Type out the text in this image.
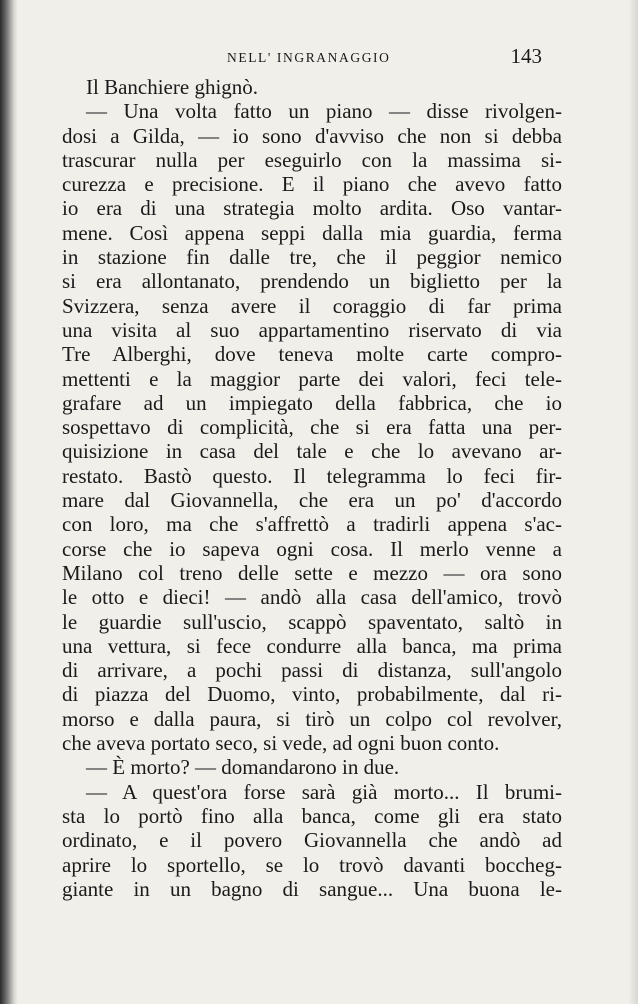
NELL' INGRANAGGIO	143
Il Banchiere ghignò.
— Una volta fatto un piano — disse rivolgen-
dosi a Gilda, — io sono d'avviso che non si debba
trascurar nulla per eseguirlo con la massima si-
curezza e precisione. E il piano che avevo fatto
io era di una strategia molto ardita. Oso vantar-
mene. Così appena seppi dalla mia guardia, ferma
in stazione fin dalle tre, che il peggior nemico
si era allontanato, prendendo un biglietto per la
Svizzera, senza avere il coraggio di far prima
una visita al suo appartamentino riservato di via
Tre Alberghi, dove teneva molte carte compro-
mettenti e la maggior parte dei valori, feci tele-
grafare ad un impiegato della fabbrica, che io
sospettavo di complicità, che si era fatta una per-
quisizione in casa del tale e che lo avevano ar-
restato. Bastò questo. Il telegramma lo feci fir-
mare dal Giovannella, che era un po' d'accordo
con loro, ma che s'affrettò a tradirli appena s'ac-
corse che io sapeva ogni cosa. Il merlo venne a
Milano col treno delle sette e mezzo — ora sono
le otto e dieci! — andò alla casa dell'amico, trovò
le guardie sull'uscio, scappò spaventato, saltò in
una vettura, si fece condurre alla banca, ma prima
di arrivare, a pochi passi di distanza, sull'angolo
di piazza del Duomo, vinto, probabilmente, dal ri-
morso e dalla paura, si tirò un colpo col revolver,
che aveva portato seco, si vede, ad ogni buon conto.
— È morto? — domandarono in due.
— A quest'ora forse sarà già morto... Il brumi-
sta lo portò fino alla banca, come gli era stato
ordinato, e il povero Giovannella che andò ad
aprire lo sportello, se lo trovò davanti boccheg-
giante in un bagno di sangue... Una buona le-
